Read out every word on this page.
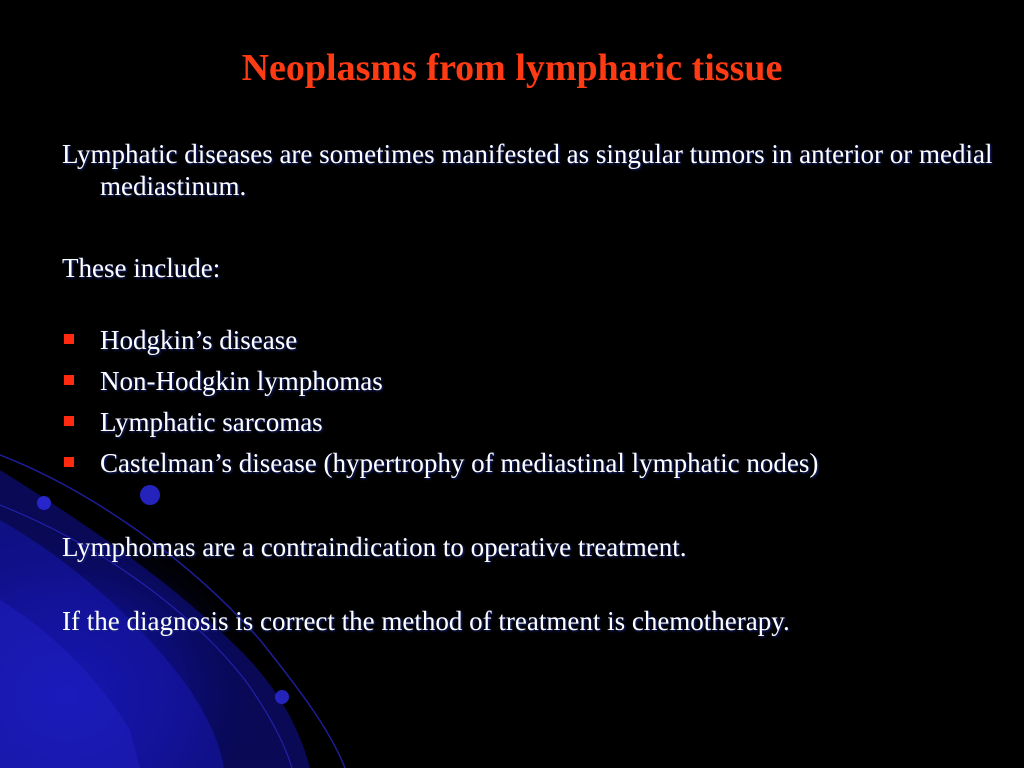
Neoplasms from lympharic tissue

Lymphatic diseases are sometimes manifested as singular tumors in anterior or medial mediastinum.

These include:

Hodgkin’s disease
Non-Hodgkin lymphomas
Lymphatic sarcomas
Castelman’s disease (hypertrophy of mediastinal lymphatic nodes)

Lymphomas are a contraindication to operative treatment.

If the diagnosis is correct the method of treatment is chemotherapy.
